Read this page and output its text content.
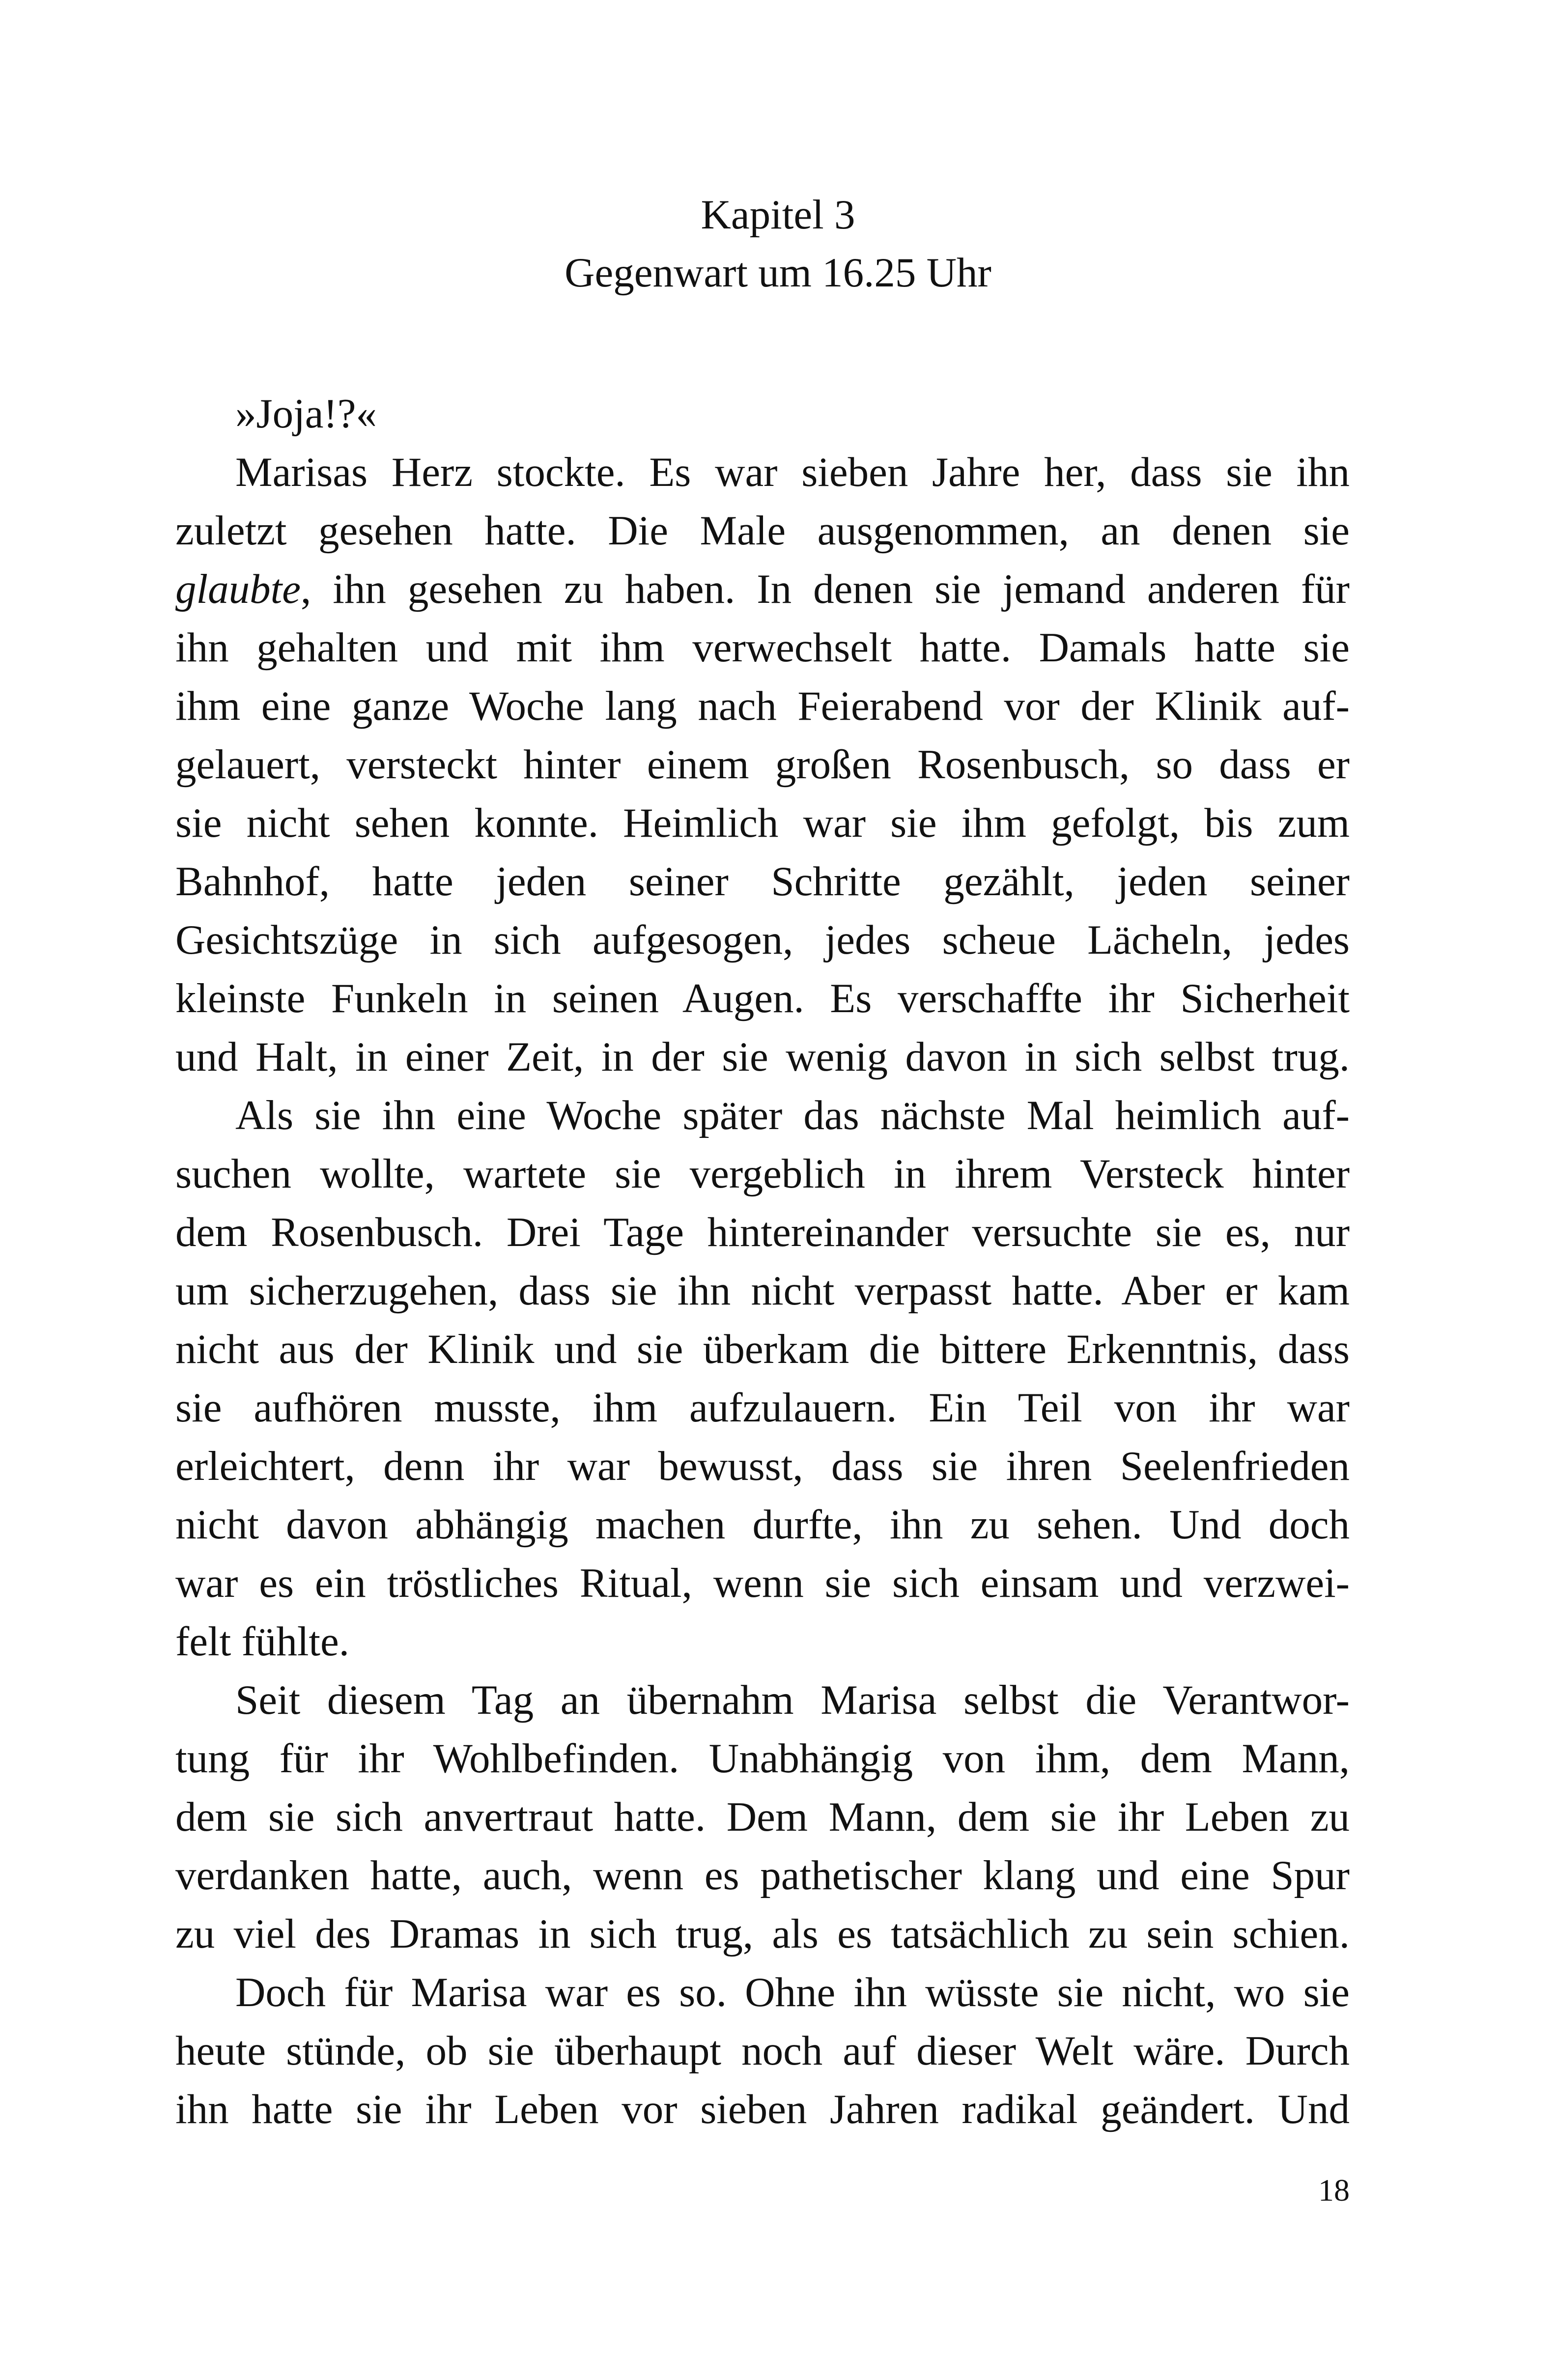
Kapitel 3
Gegenwart um 16.25 Uhr
»Joja!?«
Marisas Herz stockte. Es war sieben Jahre her, dass sie ihn
zuletzt gesehen hatte. Die Male ausgenommen, an denen sie
glaubte, ihn gesehen zu haben. In denen sie jemand anderen für
ihn gehalten und mit ihm verwechselt hatte. Damals hatte sie
ihm eine ganze Woche lang nach Feierabend vor der Klinik auf-
gelauert, versteckt hinter einem großen Rosenbusch, so dass er
sie nicht sehen konnte. Heimlich war sie ihm gefolgt, bis zum
Bahnhof, hatte jeden seiner Schritte gezählt, jeden seiner
Gesichtszüge in sich aufgesogen, jedes scheue Lächeln, jedes
kleinste Funkeln in seinen Augen. Es verschaffte ihr Sicherheit
und Halt, in einer Zeit, in der sie wenig davon in sich selbst trug.
Als sie ihn eine Woche später das nächste Mal heimlich auf-
suchen wollte, wartete sie vergeblich in ihrem Versteck hinter
dem Rosenbusch. Drei Tage hintereinander versuchte sie es, nur
um sicherzugehen, dass sie ihn nicht verpasst hatte. Aber er kam
nicht aus der Klinik und sie überkam die bittere Erkenntnis, dass
sie aufhören musste, ihm aufzulauern. Ein Teil von ihr war
erleichtert, denn ihr war bewusst, dass sie ihren Seelenfrieden
nicht davon abhängig machen durfte, ihn zu sehen. Und doch
war es ein tröstliches Ritual, wenn sie sich einsam und verzwei-
felt fühlte.
Seit diesem Tag an übernahm Marisa selbst die Verantwor-
tung für ihr Wohlbefinden. Unabhängig von ihm, dem Mann,
dem sie sich anvertraut hatte. Dem Mann, dem sie ihr Leben zu
verdanken hatte, auch, wenn es pathetischer klang und eine Spur
zu viel des Dramas in sich trug, als es tatsächlich zu sein schien.
Doch für Marisa war es so. Ohne ihn wüsste sie nicht, wo sie
heute stünde, ob sie überhaupt noch auf dieser Welt wäre. Durch
ihn hatte sie ihr Leben vor sieben Jahren radikal geändert. Und
18
